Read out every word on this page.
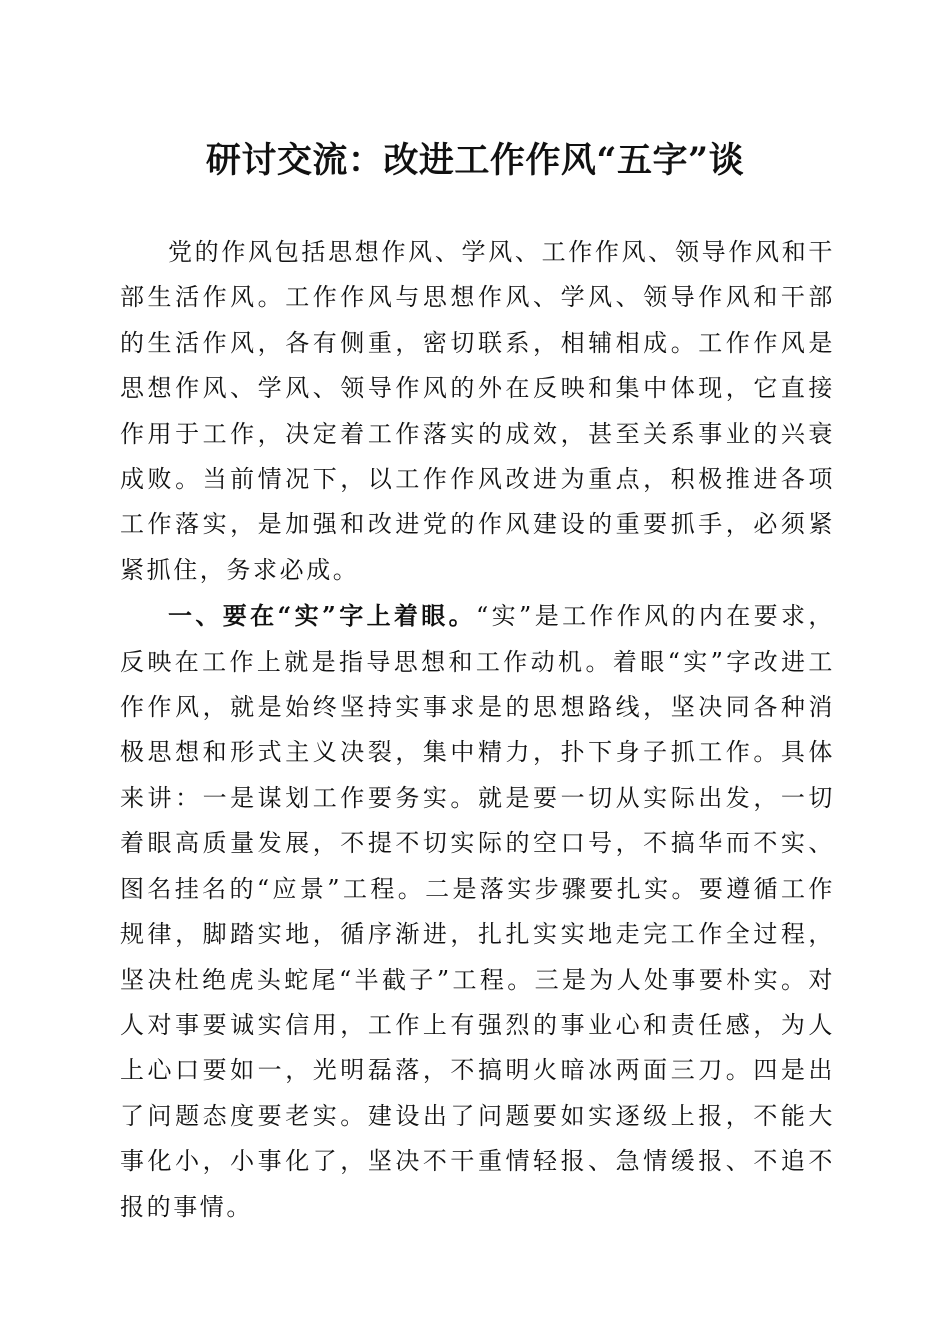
研讨交流：改进工作作风“五字”谈

党的作风包括思想作风、学风、工作作风、领导作风和干部生活作风。工作作风与思想作风、学风、领导作风和干部的生活作风，各有侧重，密切联系，相辅相成。工作作风是思想作风、学风、领导作风的外在反映和集中体现，它直接作用于工作，决定着工作落实的成效，甚至关系事业的兴衰成败。当前情况下，以工作作风改进为重点，积极推进各项工作落实，是加强和改进党的作风建设的重要抓手，必须紧紧抓住，务求必成。

一、要在“实”字上着眼。“实”是工作作风的内在要求，反映在工作上就是指导思想和工作动机。着眼“实”字改进工作作风，就是始终坚持实事求是的思想路线，坚决同各种消极思想和形式主义决裂，集中精力，扑下身子抓工作。具体来讲：一是谋划工作要务实。就是要一切从实际出发，一切着眼高质量发展，不提不切实际的空口号，不搞华而不实、图名挂名的“应景”工程。二是落实步骤要扎实。要遵循工作规律，脚踏实地，循序渐进，扎扎实实地走完工作全过程，坚决杜绝虎头蛇尾“半截子”工程。三是为人处事要朴实。对人对事要诚实信用，工作上有强烈的事业心和责任感，为人上心口要如一，光明磊落，不搞明火暗冰两面三刀。四是出了问题态度要老实。建设出了问题要如实逐级上报，不能大事化小，小事化了，坚决不干重情轻报、急情缓报、不追不报的事情。
